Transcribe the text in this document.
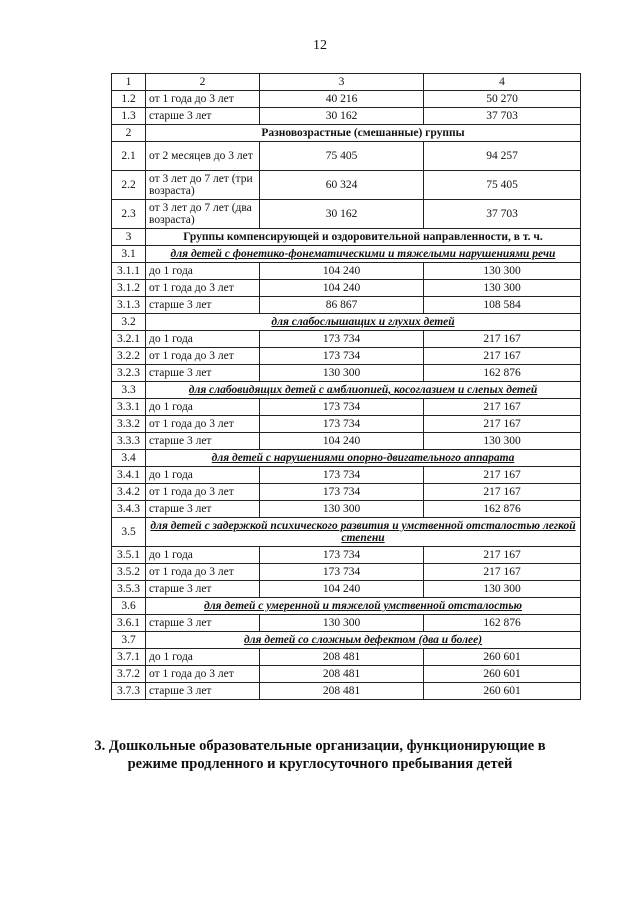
12
1	2	3	4
1.2	от 1 года до 3 лет	40 216	50 270
1.3	старше 3 лет	30 162	37 703
2	Разновозрастные (смешанные) группы		
2.1	от 2 месяцев до 3 лет	75 405	94 257
2.2	от 3 лет до 7 лет (три возраста)	60 324	75 405
2.3	от 3 лет до 7 лет (два возраста)	30 162	37 703
3	Группы компенсирующей и оздоровительной направленности, в т. ч.		
3.1	для детей с фонетико-фонематическими и тяжелыми нарушениями речи		
3.1.1	до 1 года	104 240	130 300
3.1.2	от 1 года до 3 лет	104 240	130 300
3.1.3	старше 3 лет	86 867	108 584
3.2	для слабослышащих и глухих детей		
3.2.1	до 1 года	173 734	217 167
3.2.2	от 1 года до 3 лет	173 734	217 167
3.2.3	старше 3 лет	130 300	162 876
3.3	для слабовидящих детей с амблиопией, косоглазием и слепых детей		
3.3.1	до 1 года	173 734	217 167
3.3.2	от 1 года до 3 лет	173 734	217 167
3.3.3	старше 3 лет	104 240	130 300
3.4	для детей с нарушениями опорно-двигательного аппарата		
3.4.1	до 1 года	173 734	217 167
3.4.2	от 1 года до 3 лет	173 734	217 167
3.4.3	старше 3 лет	130 300	162 876
3.5	для детей с задержкой психического развития и умственной отсталостью легкой степени		
3.5.1	до 1 года	173 734	217 167
3.5.2	от 1 года до 3 лет	173 734	217 167
3.5.3	старше 3 лет	104 240	130 300
3.6	для детей с умеренной и тяжелой умственной отсталостью		
3.6.1	старше 3 лет	130 300	162 876
3.7	для детей со сложным дефектом (два и более)		
3.7.1	до 1 года	208 481	260 601
3.7.2	от 1 года до 3 лет	208 481	260 601
3.7.3	старше 3 лет	208 481	260 601
3. Дошкольные образовательные организации, функционирующие в
режиме продленного и круглосуточного пребывания детей
